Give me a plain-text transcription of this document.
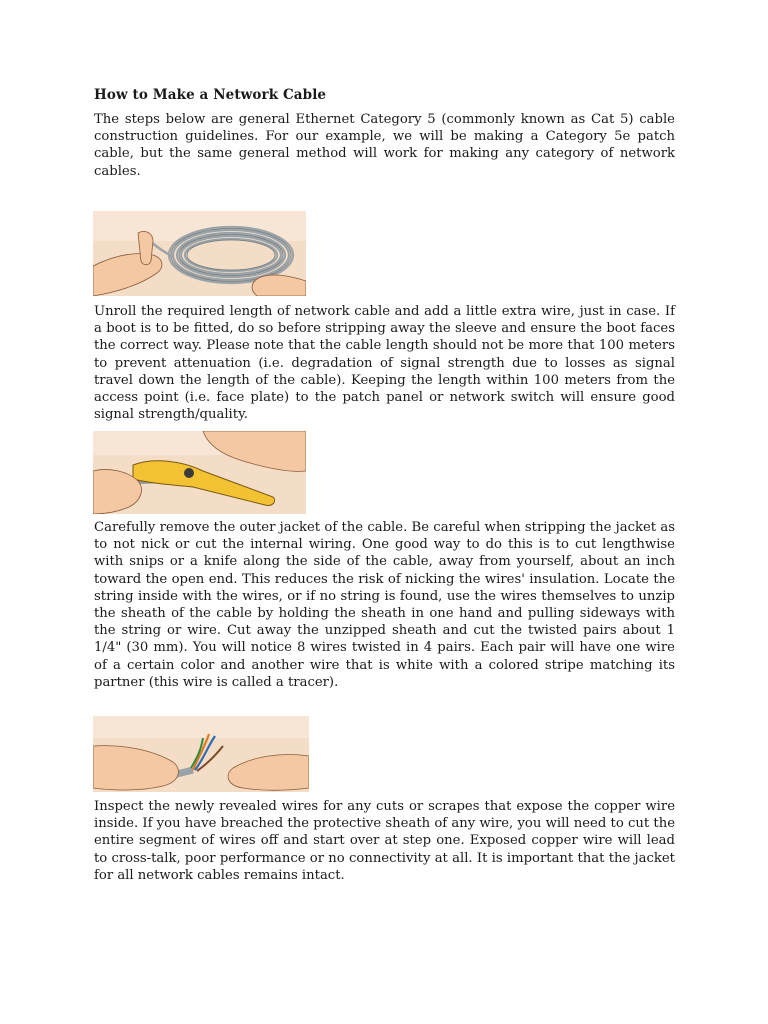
How to Make a Network Cable

The steps below are general Ethernet Category 5 (commonly known as Cat 5) cable construction guidelines. For our example, we will be making a Category 5e patch cable, but the same general method will work for making any category of network cables.

Unroll the required length of network cable and add a little extra wire, just in case. If a boot is to be fitted, do so before stripping away the sleeve and ensure the boot faces the correct way. Please note that the cable length should not be more that 100 meters to prevent attenuation (i.e. degradation of signal strength due to losses as signal travel down the length of the cable). Keeping the length within 100 meters from the access point (i.e. face plate) to the patch panel or network switch will ensure good signal strength/quality.

Carefully remove the outer jacket of the cable. Be careful when stripping the jacket as to not nick or cut the internal wiring. One good way to do this is to cut lengthwise with snips or a knife along the side of the cable, away from yourself, about an inch toward the open end. This reduces the risk of nicking the wires' insulation. Locate the string inside with the wires, or if no string is found, use the wires themselves to unzip the sheath of the cable by holding the sheath in one hand and pulling sideways with the string or wire. Cut away the unzipped sheath and cut the twisted pairs about 1 1/4" (30 mm). You will notice 8 wires twisted in 4 pairs. Each pair will have one wire of a certain color and another wire that is white with a colored stripe matching its partner (this wire is called a tracer).

Inspect the newly revealed wires for any cuts or scrapes that expose the copper wire inside. If you have breached the protective sheath of any wire, you will need to cut the entire segment of wires off and start over at step one. Exposed copper wire will lead to cross-talk, poor performance or no connectivity at all. It is important that the jacket for all network cables remains intact.
